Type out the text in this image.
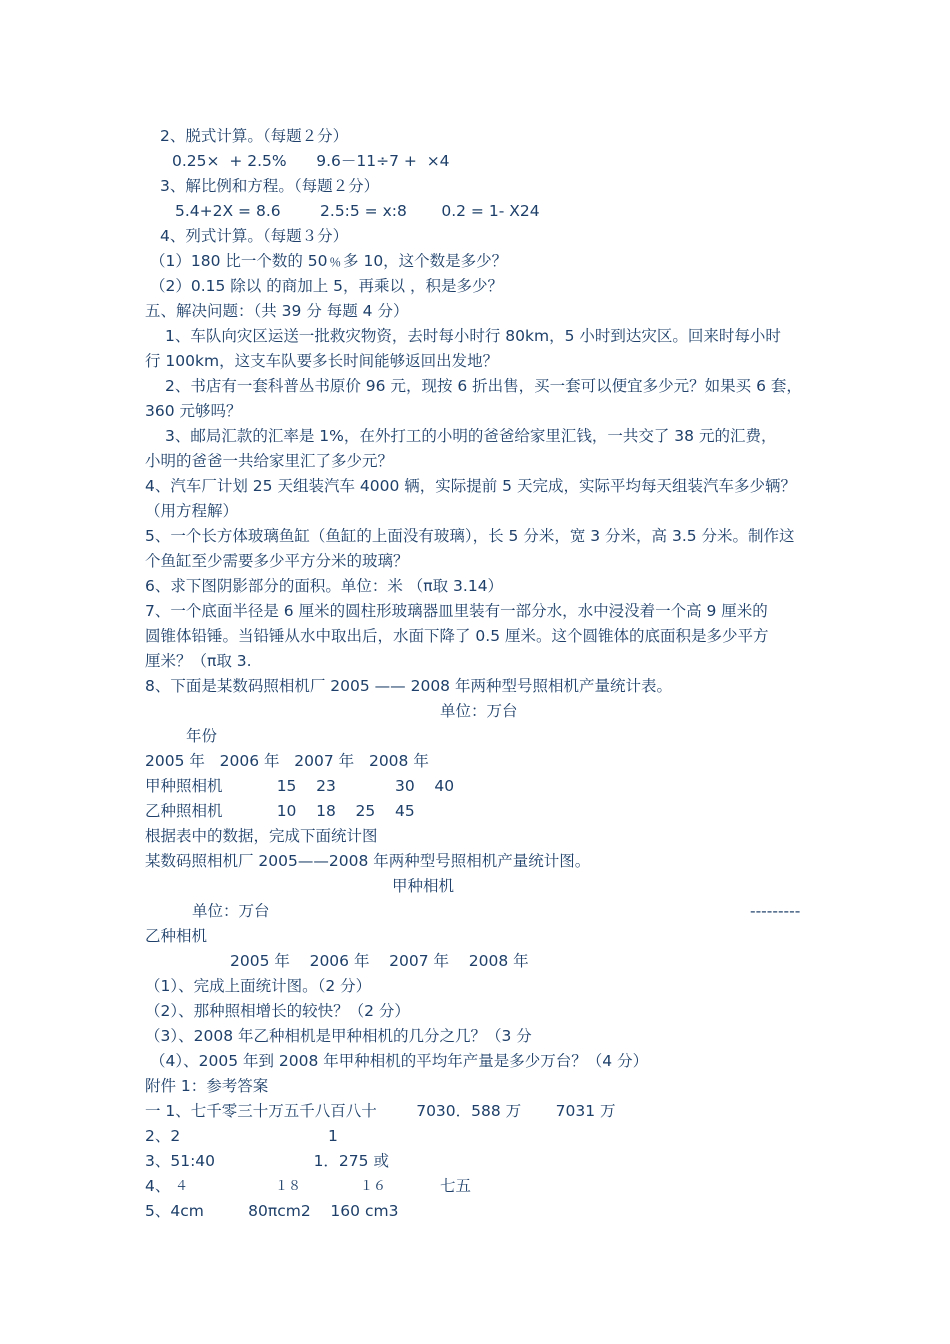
2、脱式计算。（每题２分）
0.25×  + 2.5%      9.6－11÷7 +  ×4
3、解比例和方程。（每题２分）
5.4+2X = 8.6        2.5:5 = x:8       0.2 = 1- X24
4、列式计算。（每题３分）
（1）180 比一个数的 50﹪多 10，这个数是多少？
（2）0.15 除以 的商加上 5，再乘以 ，积是多少？
五、解决问题：（共 39 分 每题 4 分）
1、车队向灾区运送一批救灾物资，去时每小时行 80km，5 小时到达灾区。回来时每小时
行 100km，这支车队要多长时间能够返回出发地？
2、书店有一套科普丛书原价 96 元，现按 6 折出售，买一套可以便宜多少元？如果买 6 套，
360 元够吗？
3、邮局汇款的汇率是 1%，在外打工的小明的爸爸给家里汇钱，一共交了 38 元的汇费，
小明的爸爸一共给家里汇了多少元？
4、汽车厂计划 25 天组装汽车 4000 辆，实际提前 5 天完成，实际平均每天组装汽车多少辆？
（用方程解）
5、一个长方体玻璃鱼缸（鱼缸的上面没有玻璃），长 5 分米，宽 3 分米，高 3.5 分米。制作这
个鱼缸至少需要多少平方分米的玻璃？
6、求下图阴影部分的面积。单位：米 （π取 3.14）
7、一个底面半径是 6 厘米的圆柱形玻璃器皿里装有一部分水，水中浸没着一个高 9 厘米的
圆锥体铅锤。当铅锤从水中取出后，水面下降了 0.5 厘米。这个圆锥体的底面积是多少平方
厘米？（π取 3.
8、下面是某数码照相机厂 2005 —— 2008 年两种型号照相机产量统计表。
单位：万台
年份
2005 年   2006 年   2007 年   2008 年
甲种照相机           15    23            30    40
乙种照相机           10    18    25    45
根据表中的数据，完成下面统计图
某数码照相机厂 2005——2008 年两种型号照相机产量统计图。
甲种相机
单位：万台	---------
乙种相机
2005 年    2006 年    2007 年    2008 年
（1）、完成上面统计图。（2 分）
（2）、那种照相增长的较快？（2 分）
（3）、2008 年乙种相机是甲种相机的几分之几？（3 分
（4）、2005 年到 2008 年甲种相机的平均年产量是多少万台？（4 分）
附件 1：参考答案
一 1、七千零三十万五千八百八十        7030．588 万       7031 万
2、2                              1
3、51:40                    1．275 或
4、 ４	１８	１６	七五
5、4cm         80πcm2    160 cm3
